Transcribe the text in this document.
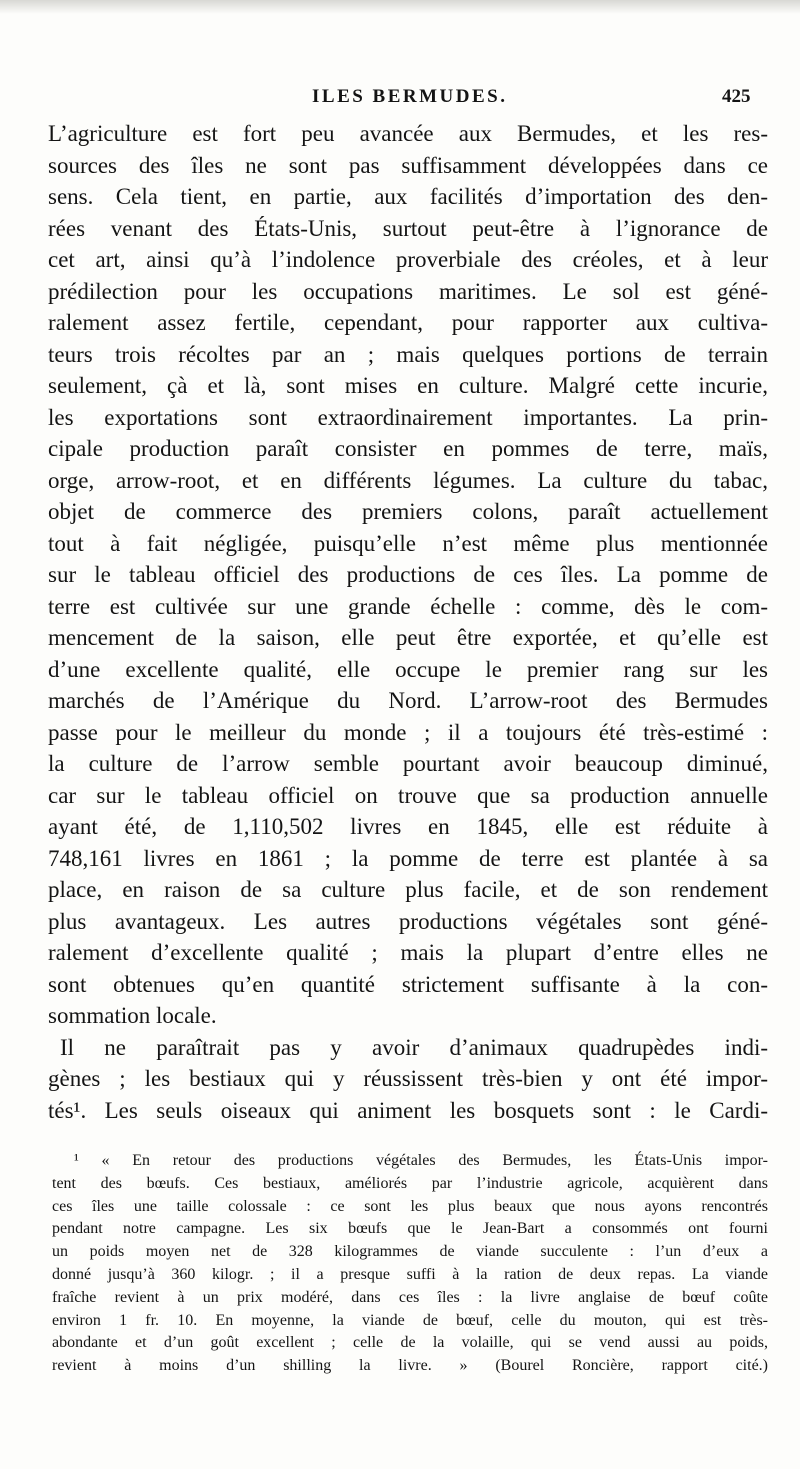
ILES BERMUDES.	425
L’agriculture est fort peu avancée aux Bermudes, et les res-
sources des îles ne sont pas suffisamment développées dans ce
sens. Cela tient, en partie, aux facilités d’importation des den-
rées venant des États-Unis, surtout peut-être à l’ignorance de
cet art, ainsi qu’à l’indolence proverbiale des créoles, et à leur
prédilection pour les occupations maritimes. Le sol est géné-
ralement assez fertile, cependant, pour rapporter aux cultiva-
teurs trois récoltes par an ; mais quelques portions de terrain
seulement, çà et là, sont mises en culture. Malgré cette incurie,
les exportations sont extraordinairement importantes. La prin-
cipale production paraît consister en pommes de terre, maïs,
orge, arrow-root, et en différents légumes. La culture du tabac,
objet de commerce des premiers colons, paraît actuellement
tout à fait négligée, puisqu’elle n’est même plus mentionnée
sur le tableau officiel des productions de ces îles. La pomme de
terre est cultivée sur une grande échelle : comme, dès le com-
mencement de la saison, elle peut être exportée, et qu’elle est
d’une excellente qualité, elle occupe le premier rang sur les
marchés de l’Amérique du Nord. L’arrow-root des Bermudes
passe pour le meilleur du monde ; il a toujours été très-estimé :
la culture de l’arrow semble pourtant avoir beaucoup diminué,
car sur le tableau officiel on trouve que sa production annuelle
ayant été, de 1,110,502 livres en 1845, elle est réduite à
748,161 livres en 1861 ; la pomme de terre est plantée à sa
place, en raison de sa culture plus facile, et de son rendement
plus avantageux. Les autres productions végétales sont géné-
ralement d’excellente qualité ; mais la plupart d’entre elles ne
sont obtenues qu’en quantité strictement suffisante à la con-
sommation locale.
Il ne paraîtrait pas y avoir d’animaux quadrupèdes indi-
gènes ; les bestiaux qui y réussissent très-bien y ont été impor-
tés¹. Les seuls oiseaux qui animent les bosquets sont : le Cardi-
¹ « En retour des productions végétales des Bermudes, les États-Unis impor-
tent des bœufs. Ces bestiaux, améliorés par l’industrie agricole, acquièrent dans
ces îles une taille colossale : ce sont les plus beaux que nous ayons rencontrés
pendant notre campagne. Les six bœufs que le Jean-Bart a consommés ont fourni
un poids moyen net de 328 kilogrammes de viande succulente : l’un d’eux a
donné jusqu’à 360 kilogr. ; il a presque suffi à la ration de deux repas. La viande
fraîche revient à un prix modéré, dans ces îles : la livre anglaise de bœuf coûte
environ 1 fr. 10. En moyenne, la viande de bœuf, celle du mouton, qui est très-
abondante et d’un goût excellent ; celle de la volaille, qui se vend aussi au poids,
revient à moins d’un shilling la livre. » (Bourel Roncière, rapport cité.)
